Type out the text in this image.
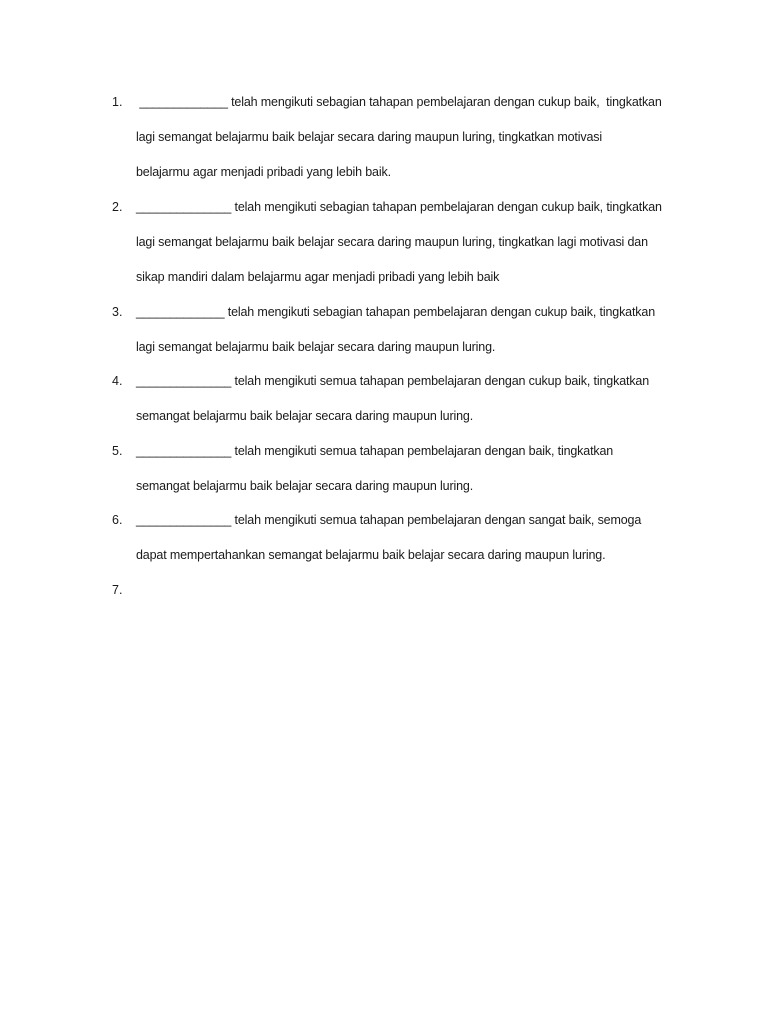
1. _____________ telah mengikuti sebagian tahapan pembelajaran dengan cukup baik,  tingkatkan
lagi semangat belajarmu baik belajar secara daring maupun luring, tingkatkan motivasi
belajarmu agar menjadi pribadi yang lebih baik.
2. ______________ telah mengikuti sebagian tahapan pembelajaran dengan cukup baik, tingkatkan
lagi semangat belajarmu baik belajar secara daring maupun luring, tingkatkan lagi motivasi dan
sikap mandiri dalam belajarmu agar menjadi pribadi yang lebih baik
3. _____________ telah mengikuti sebagian tahapan pembelajaran dengan cukup baik, tingkatkan
lagi semangat belajarmu baik belajar secara daring maupun luring.
4. ______________ telah mengikuti semua tahapan pembelajaran dengan cukup baik, tingkatkan
semangat belajarmu baik belajar secara daring maupun luring.
5. ______________ telah mengikuti semua tahapan pembelajaran dengan baik, tingkatkan
semangat belajarmu baik belajar secara daring maupun luring.
6. ______________ telah mengikuti semua tahapan pembelajaran dengan sangat baik, semoga
dapat mempertahankan semangat belajarmu baik belajar secara daring maupun luring.
7.
